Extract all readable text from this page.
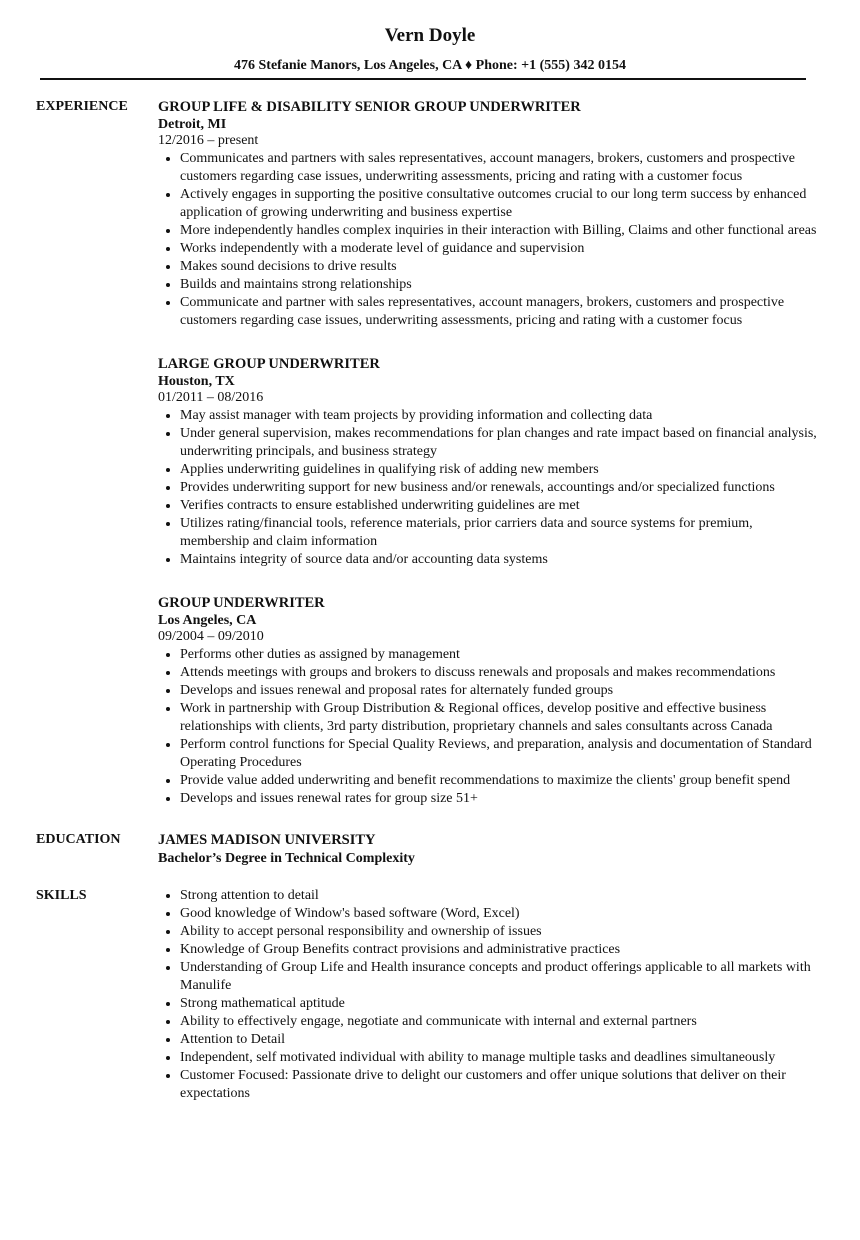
Vern Doyle
476 Stefanie Manors, Los Angeles, CA ♦ Phone: +1 (555) 342 0154
EXPERIENCE	GROUP LIFE & DISABILITY SENIOR GROUP UNDERWRITER
Detroit, MI
12/2016 – present
• Communicates and partners with sales representatives, account managers, brokers, customers and prospective customers regarding case issues, underwriting assessments, pricing and rating with a customer focus
• Actively engages in supporting the positive consultative outcomes crucial to our long term success by enhanced application of growing underwriting and business expertise
• More independently handles complex inquiries in their interaction with Billing, Claims and other functional areas
• Works independently with a moderate level of guidance and supervision
• Makes sound decisions to drive results
• Builds and maintains strong relationships
• Communicate and partner with sales representatives, account managers, brokers, customers and prospective customers regarding case issues, underwriting assessments, pricing and rating with a customer focus
LARGE GROUP UNDERWRITER
Houston, TX
01/2011 – 08/2016
• May assist manager with team projects by providing information and collecting data
• Under general supervision, makes recommendations for plan changes and rate impact based on financial analysis, underwriting principals, and business strategy
• Applies underwriting guidelines in qualifying risk of adding new members
• Provides underwriting support for new business and/or renewals, accountings and/or specialized functions
• Verifies contracts to ensure established underwriting guidelines are met
• Utilizes rating/financial tools, reference materials, prior carriers data and source systems for premium, membership and claim information
• Maintains integrity of source data and/or accounting data systems
GROUP UNDERWRITER
Los Angeles, CA
09/2004 – 09/2010
• Performs other duties as assigned by management
• Attends meetings with groups and brokers to discuss renewals and proposals and makes recommendations
• Develops and issues renewal and proposal rates for alternately funded groups
• Work in partnership with Group Distribution & Regional offices, develop positive and effective business relationships with clients, 3rd party distribution, proprietary channels and sales consultants across Canada
• Perform control functions for Special Quality Reviews, and preparation, analysis and documentation of Standard Operating Procedures
• Provide value added underwriting and benefit recommendations to maximize the clients' group benefit spend
• Develops and issues renewal rates for group size 51+
EDUCATION	JAMES MADISON UNIVERSITY
Bachelor’s Degree in Technical Complexity
SKILLS
•	Strong attention to detail
• Good knowledge of Window's based software (Word, Excel)
• Ability to accept personal responsibility and ownership of issues
• Knowledge of Group Benefits contract provisions and administrative practices
• Understanding of Group Life and Health insurance concepts and product offerings applicable to all markets with Manulife
• Strong mathematical aptitude
• Ability to effectively engage, negotiate and communicate with internal and external partners
• Attention to Detail
• Independent, self motivated individual with ability to manage multiple tasks and deadlines simultaneously
• Customer Focused: Passionate drive to delight our customers and offer unique solutions that deliver on their expectations
